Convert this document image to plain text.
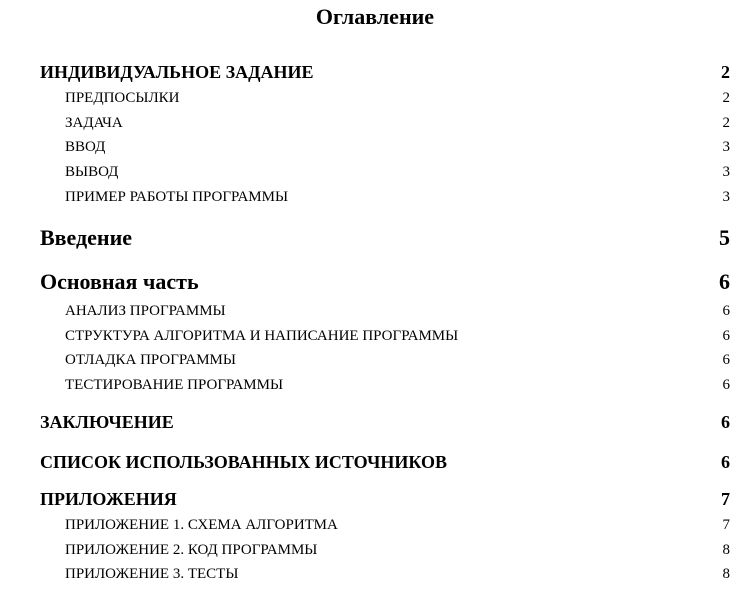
Оглавление
ИНДИВИДУАЛЬНОЕ ЗАДАНИЕ	2
ПРЕДПОСЫЛКИ	2
ЗАДАЧА	2
ВВОД	3
ВЫВОД	3
ПРИМЕР РАБОТЫ ПРОГРАММЫ	3
Введение	5
Основная часть	6
АНАЛИЗ ПРОГРАММЫ	6
СТРУКТУРА АЛГОРИТМА И НАПИСАНИЕ ПРОГРАММЫ	6
ОТЛАДКА ПРОГРАММЫ	6
ТЕСТИРОВАНИЕ ПРОГРАММЫ	6
ЗАКЛЮЧЕНИЕ	6
СПИСОК ИСПОЛЬЗОВАННЫХ ИСТОЧНИКОВ	6
ПРИЛОЖЕНИЯ	7
ПРИЛОЖЕНИЕ 1. СХЕМА АЛГОРИТМА	7
ПРИЛОЖЕНИЕ 2. КОД ПРОГРАММЫ	8
ПРИЛОЖЕНИЕ 3. ТЕСТЫ	8
